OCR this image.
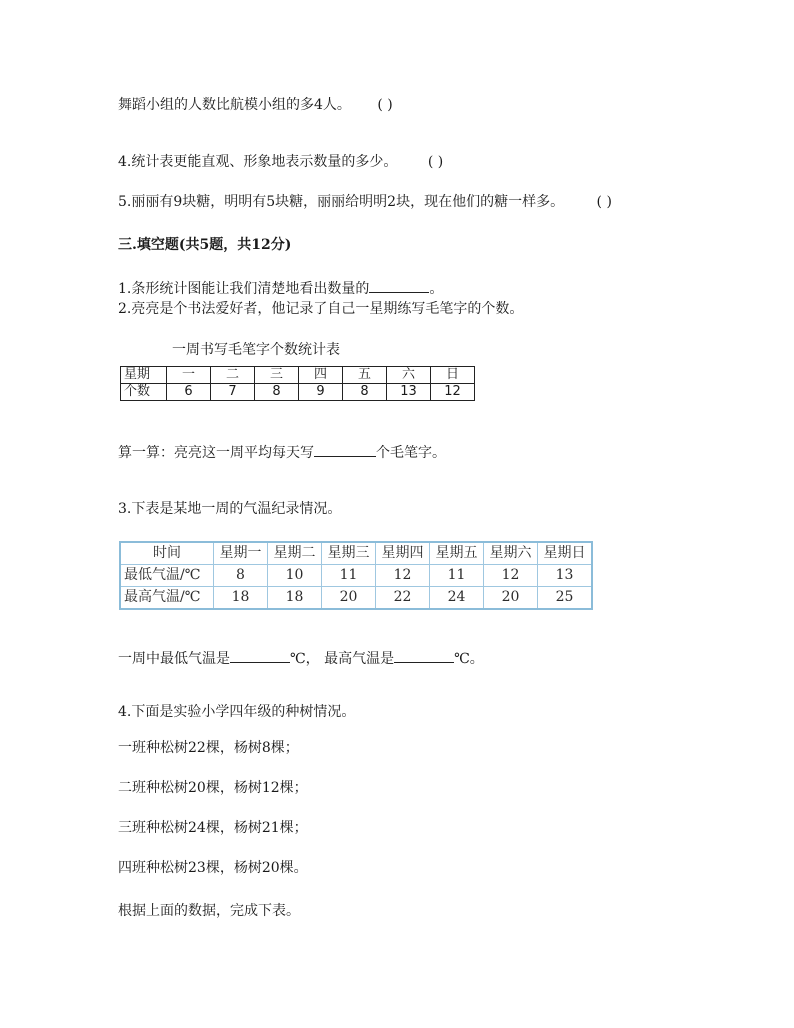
舞蹈小组的人数比航模小组的多4人。 ( )
4.统计表更能直观、形象地表示数量的多少。 ( )
5.丽丽有9块糖，明明有5块糖，丽丽给明明2块，现在他们的糖一样多。 ( )
三.填空题(共5题，共12分)
1.条形统计图能让我们清楚地看出数量的	。
2.亮亮是个书法爱好者，他记录了自己一星期练写毛笔字的个数。
一周书写毛笔字个数统计表
星期	一	二	三	四	五	六	日
个数	6	7	8	9	8	13	12
算一算：亮亮这一周平均每天写	个毛笔字。
3.下表是某地一周的气温纪录情况。
时间	星期一	星期二	星期三	星期四	星期五	星期六	星期日
最低气温/℃	8	10	11	12	11	12	13
最高气温/℃	18	18	20	22	24	20	25
一周中最低气温是	℃， 最高气温是	℃。
4.下面是实验小学四年级的种树情况。
一班种松树22棵，杨树8棵；
二班种松树20棵，杨树12棵；
三班种松树24棵，杨树21棵；
四班种松树23棵，杨树20棵。
根据上面的数据，完成下表。
